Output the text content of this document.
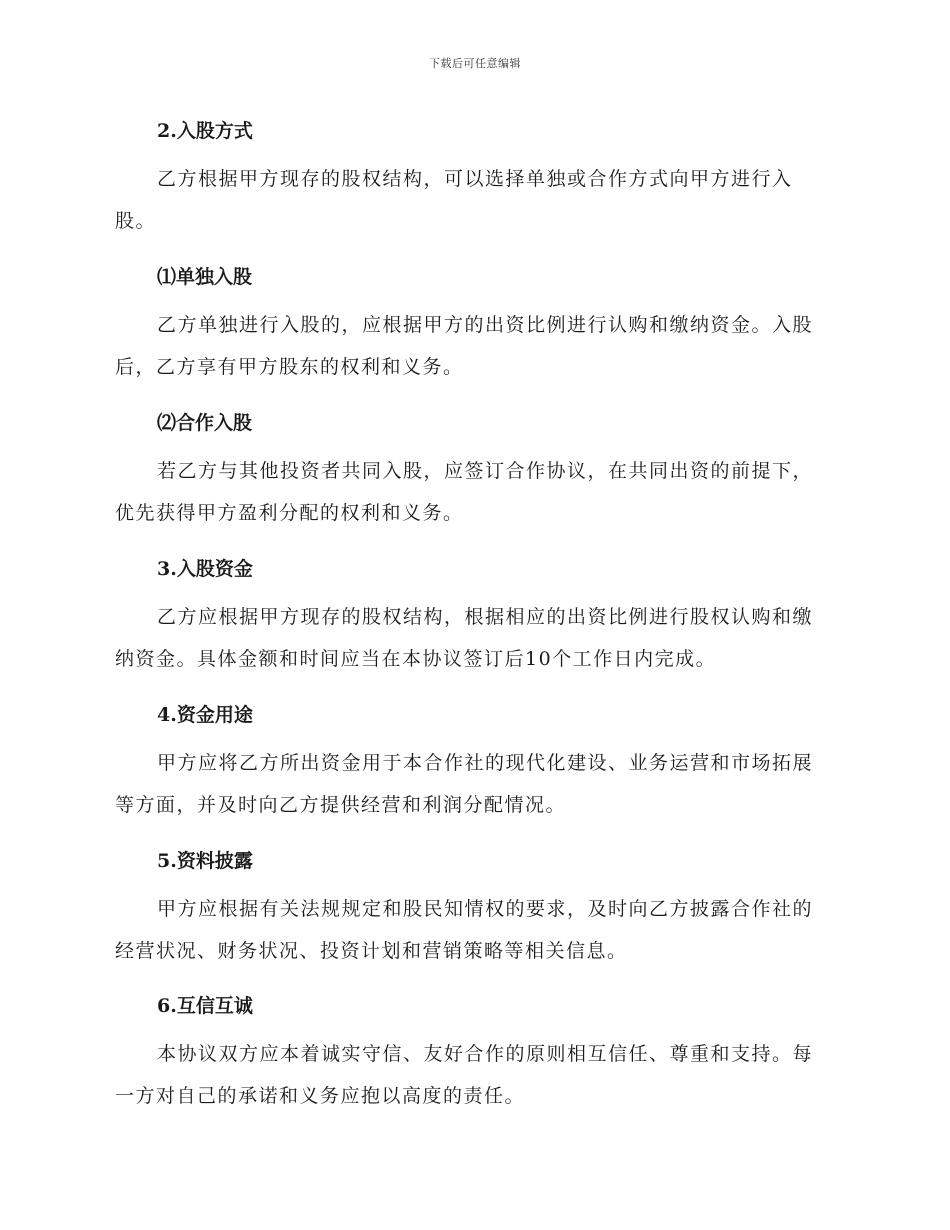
下载后可任意编辑
2.入股方式
乙方根据甲方现存的股权结构，可以选择单独或合作方式向甲方进行入股。
⑴单独入股
乙方单独进行入股的，应根据甲方的出资比例进行认购和缴纳资金。入股后，乙方享有甲方股东的权利和义务。
⑵合作入股
若乙方与其他投资者共同入股，应签订合作协议，在共同出资的前提下，优先获得甲方盈利分配的权利和义务。
3.入股资金
乙方应根据甲方现存的股权结构，根据相应的出资比例进行股权认购和缴纳资金。具体金额和时间应当在本协议签订后10个工作日内完成。
4.资金用途
甲方应将乙方所出资金用于本合作社的现代化建设、业务运营和市场拓展等方面，并及时向乙方提供经营和利润分配情况。
5.资料披露
甲方应根据有关法规规定和股民知情权的要求，及时向乙方披露合作社的经营状况、财务状况、投资计划和营销策略等相关信息。
6.互信互诚
本协议双方应本着诚实守信、友好合作的原则相互信任、尊重和支持。每一方对自己的承诺和义务应抱以高度的责任。
